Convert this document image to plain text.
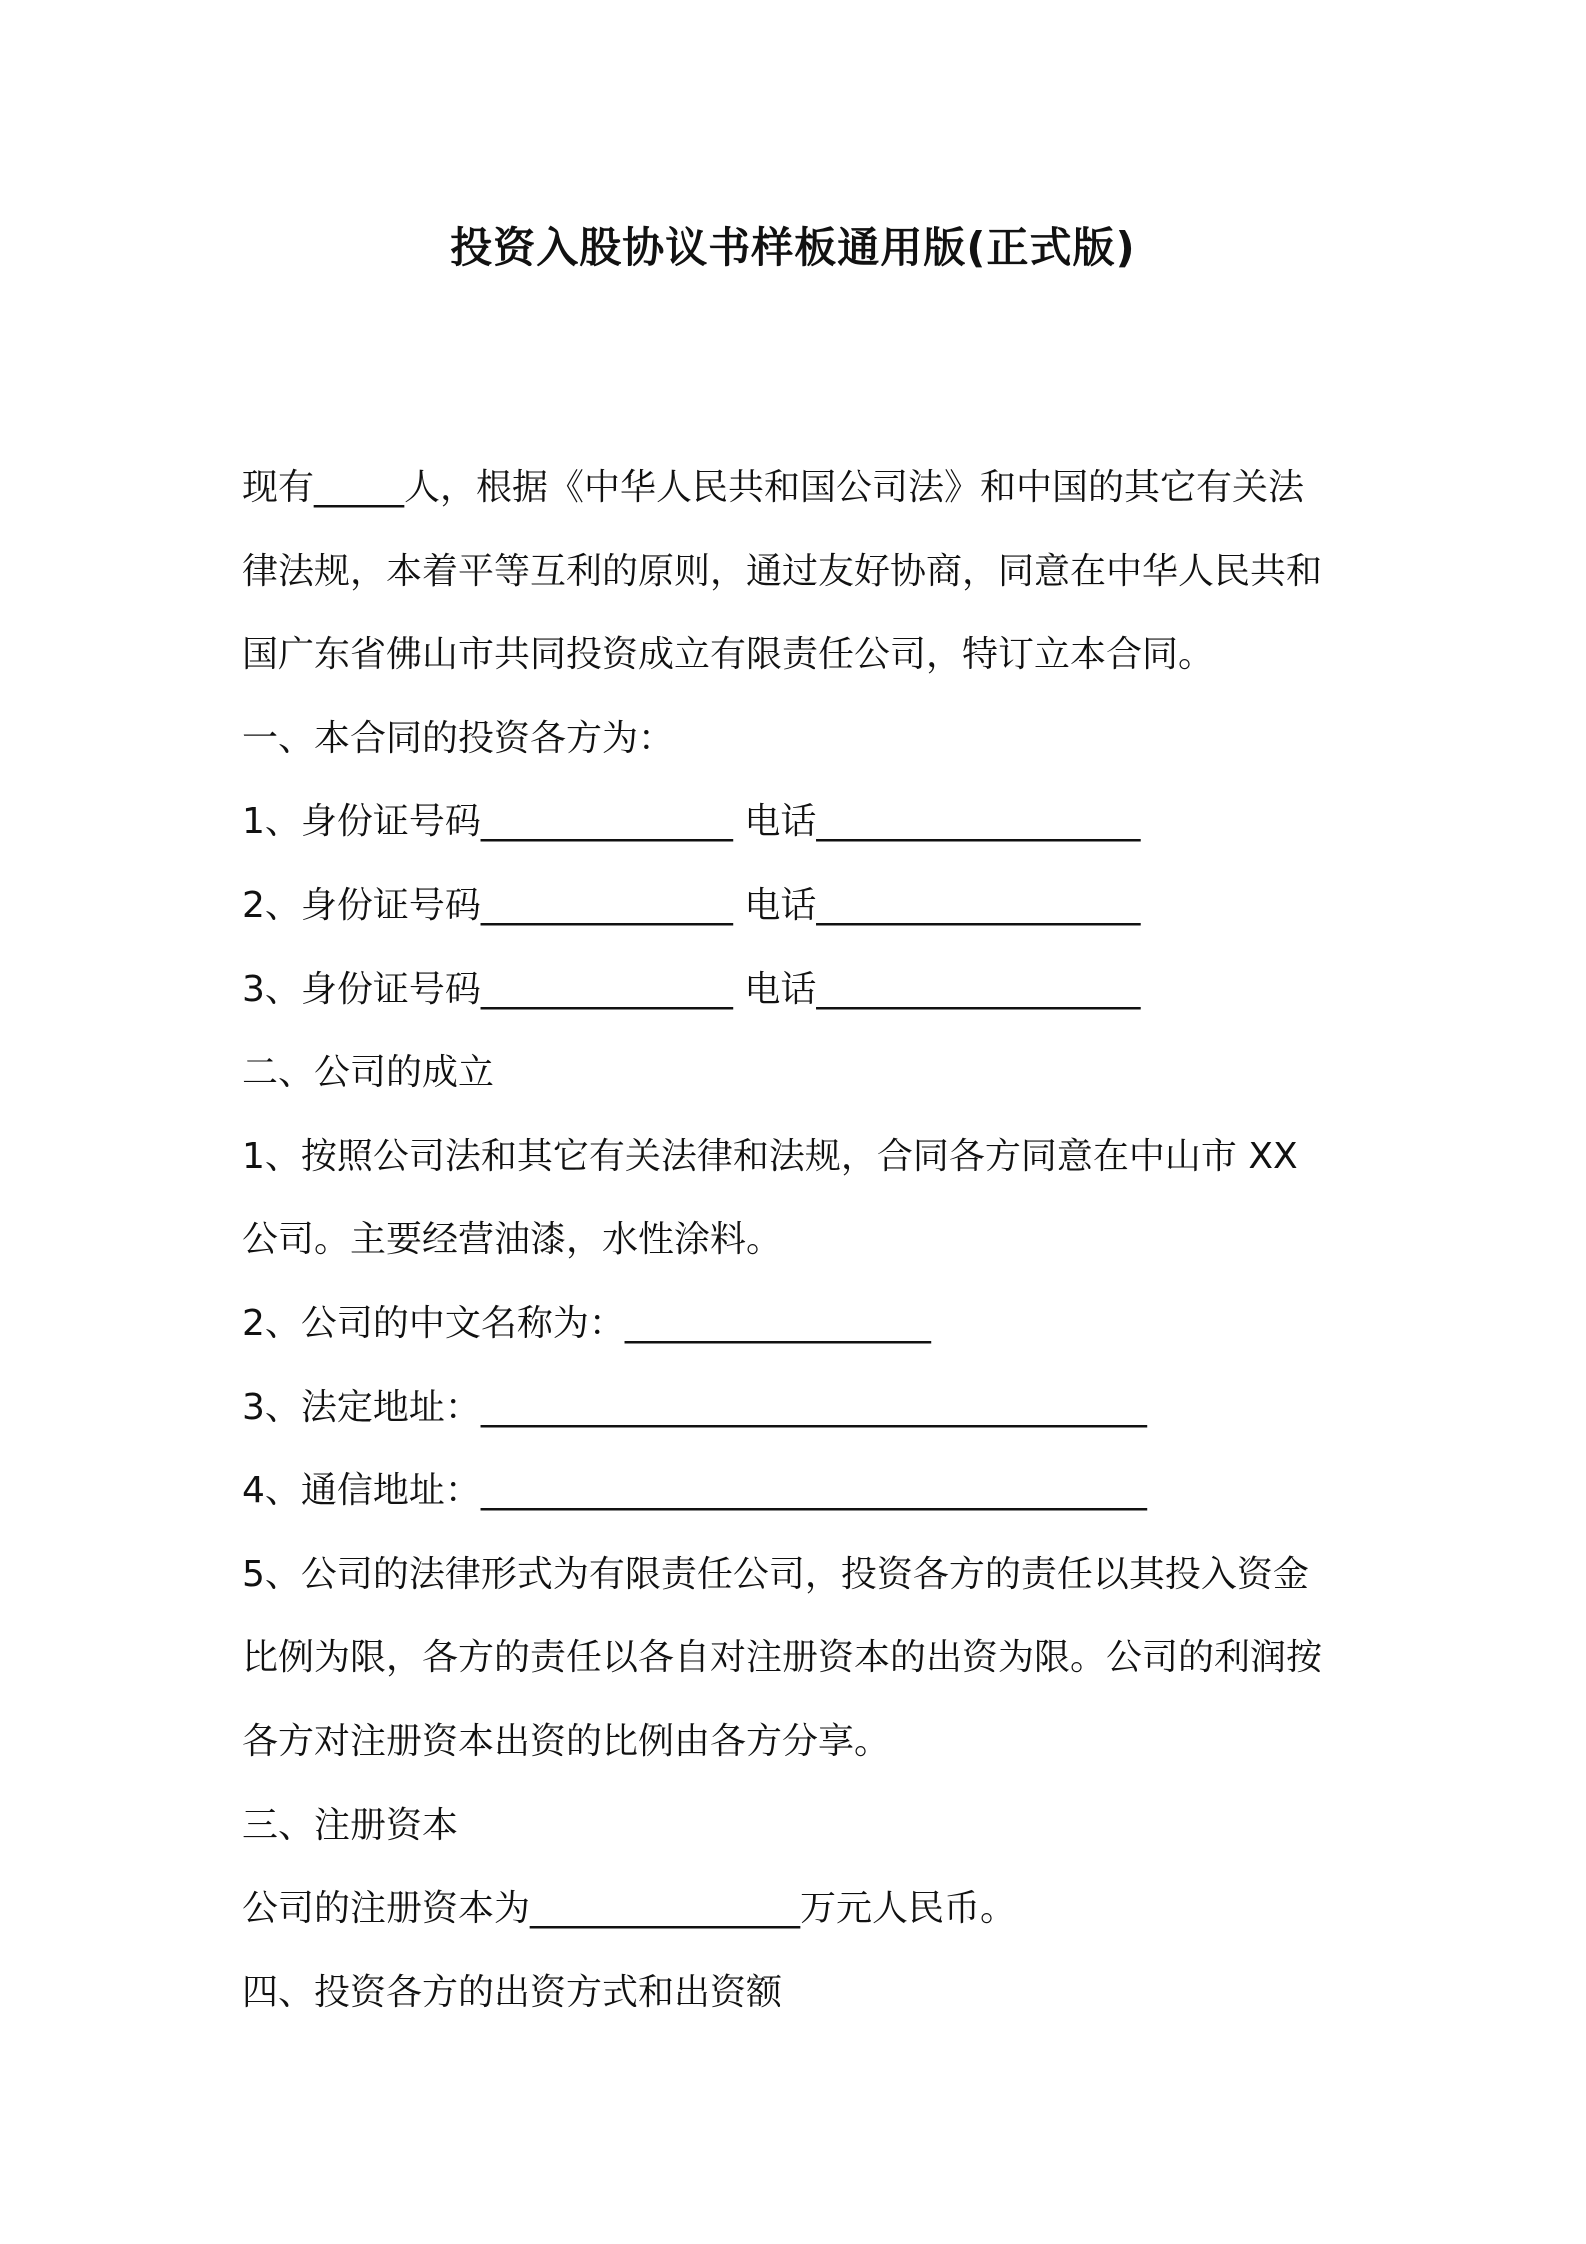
投资入股协议书样板通用版(正式版)
现有_____人，根据《中华人民共和国公司法》和中国的其它有关法
律法规，本着平等互利的原则，通过友好协商，同意在中华人民共和
国广东省佛山市共同投资成立有限责任公司，特订立本合同。
一、本合同的投资各方为：
1、身份证号码______________ 电话__________________
2、身份证号码______________ 电话__________________
3、身份证号码______________ 电话__________________
二、公司的成立
1、按照公司法和其它有关法律和法规，合同各方同意在中山市 XX
公司。主要经营油漆，水性涂料。
2、公司的中文名称为：_________________
3、法定地址：_____________________________________
4、通信地址：_____________________________________
5、公司的法律形式为有限责任公司，投资各方的责任以其投入资金
比例为限，各方的责任以各自对注册资本的出资为限。公司的利润按
各方对注册资本出资的比例由各方分享。
三、注册资本
公司的注册资本为_______________万元人民币。
四、投资各方的出资方式和出资额
